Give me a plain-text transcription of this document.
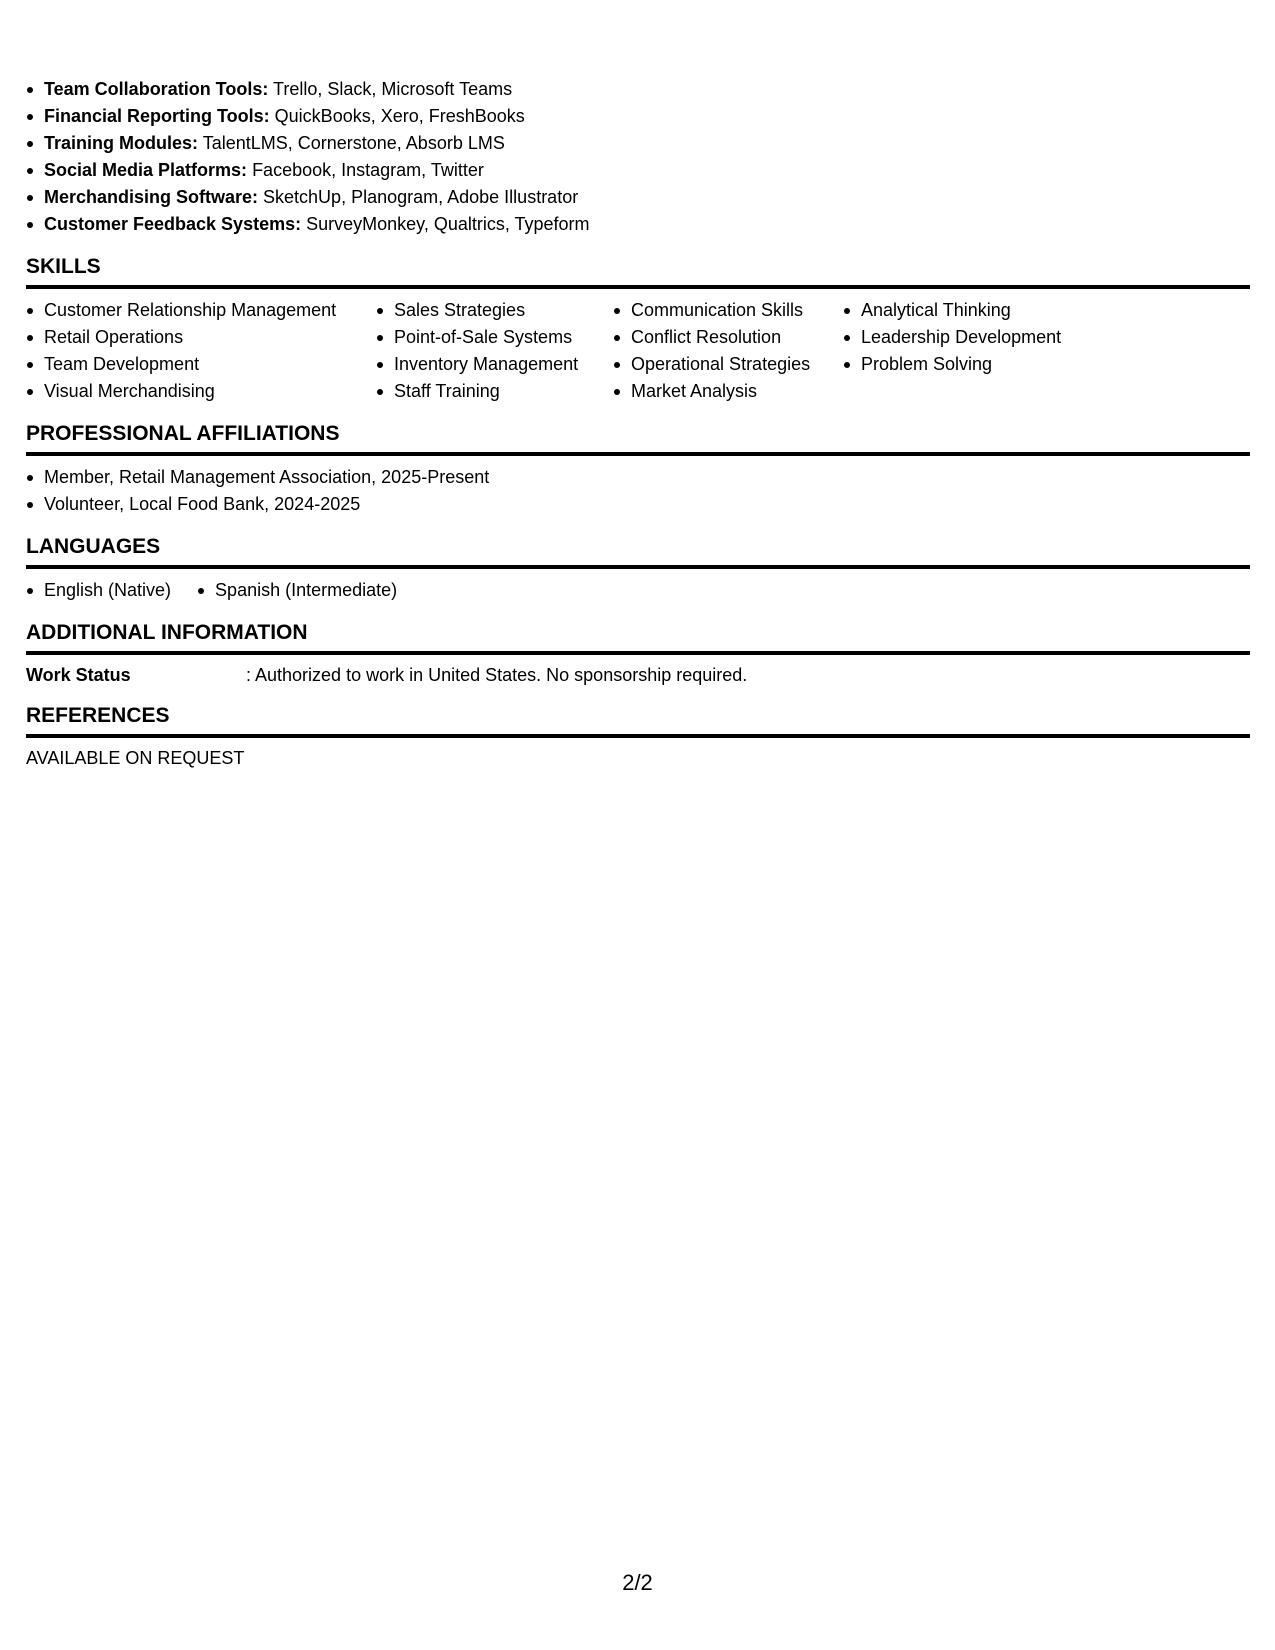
Team Collaboration Tools: Trello, Slack, Microsoft Teams
Financial Reporting Tools: QuickBooks, Xero, FreshBooks
Training Modules: TalentLMS, Cornerstone, Absorb LMS
Social Media Platforms: Facebook, Instagram, Twitter
Merchandising Software: SketchUp, Planogram, Adobe Illustrator
Customer Feedback Systems: SurveyMonkey, Qualtrics, Typeform
SKILLS
Customer Relationship Management
Retail Operations
Team Development
Visual Merchandising
Sales Strategies
Point-of-Sale Systems
Inventory Management
Staff Training
Communication Skills
Conflict Resolution
Operational Strategies
Market Analysis
Analytical Thinking
Leadership Development
Problem Solving
PROFESSIONAL AFFILIATIONS
Member, Retail Management Association, 2025-Present
Volunteer, Local Food Bank, 2024-2025
LANGUAGES
English (Native)	Spanish (Intermediate)
ADDITIONAL INFORMATION
Work Status	: Authorized to work in United States. No sponsorship required.
REFERENCES
AVAILABLE ON REQUEST
2/2
